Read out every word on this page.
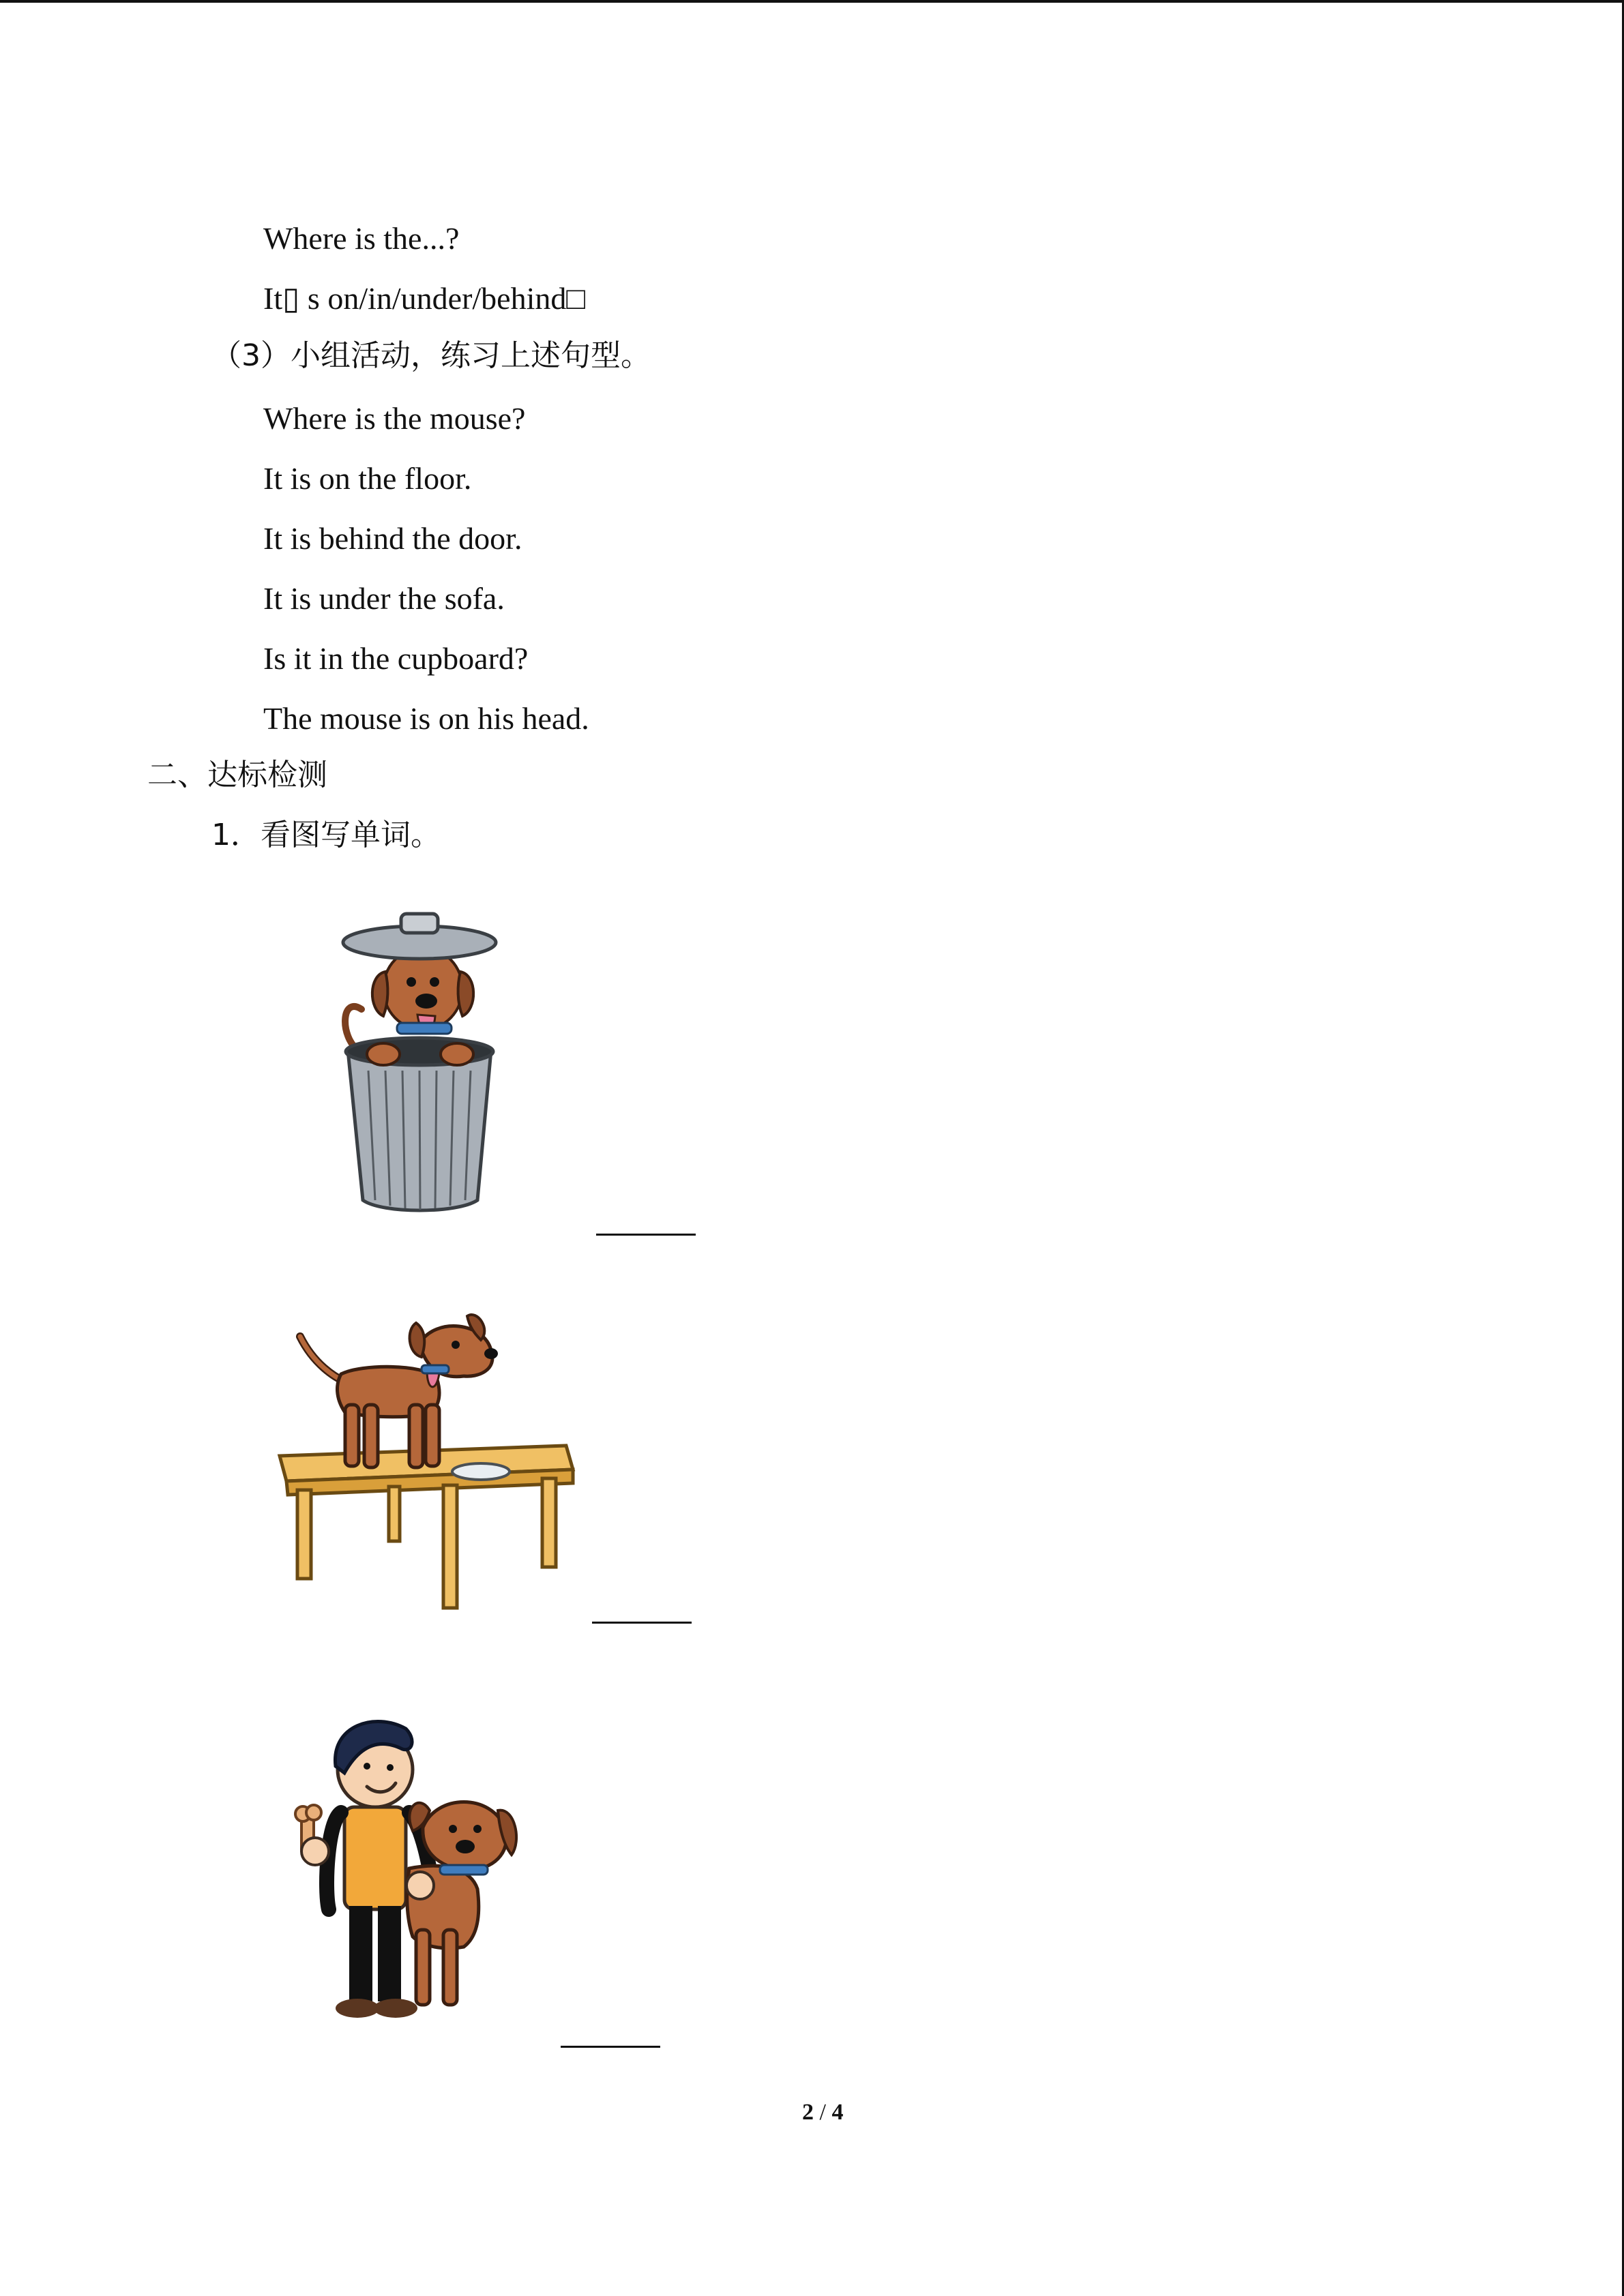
Where is the...?
It▯ s on/in/under/behind□
（3）小组活动，练习上述句型。
Where is the mouse?
It is on the floor.
It is behind the door.
It is under the sofa.
Is it in the cupboard?
The mouse is on his head.
二、达标检测
1．看图写单词。
2 / 4
